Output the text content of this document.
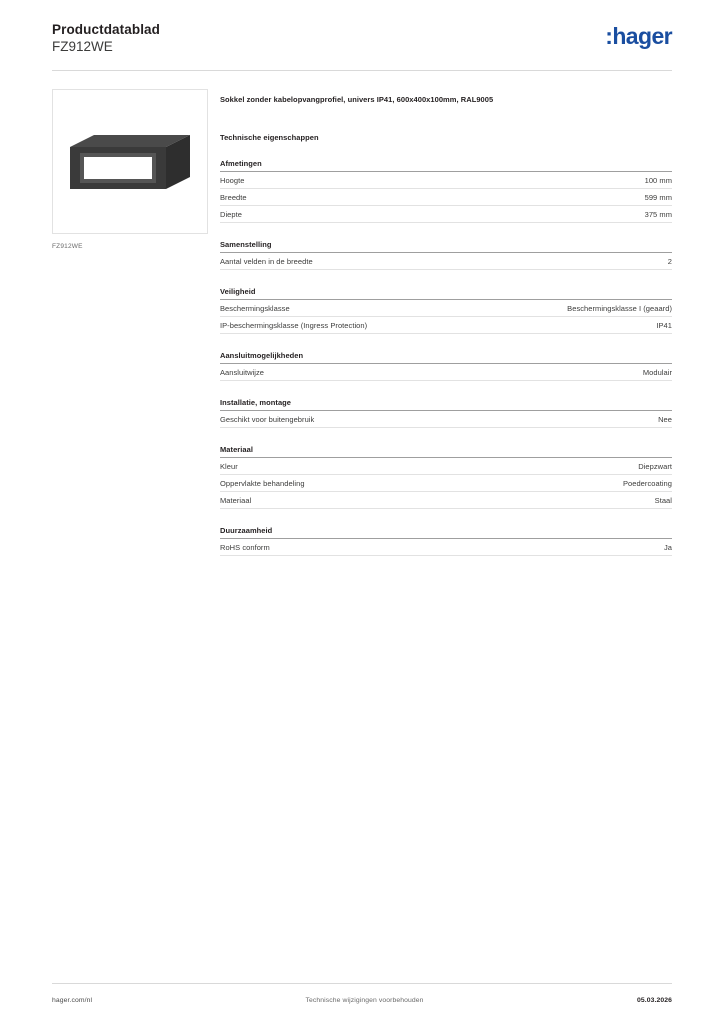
Productdatablad
FZ912WE	:hager
FZ912WE
Sokkel zonder kabelopvangprofiel, univers IP41, 600x400x100mm, RAL9005
Technische eigenschappen
Afmetingen
Hoogte	100 mm
Breedte	599 mm
Diepte	375 mm
Samenstelling
Aantal velden in de breedte	2
Veiligheid
Beschermingsklasse	Beschermingsklasse I (geaard)
IP-beschermingsklasse (Ingress Protection)	IP41
Aansluitmogelijkheden
Aansluitwijze	Modulair
Installatie, montage
Geschikt voor buitengebruik	Nee
Materiaal
Kleur	Diepzwart
Oppervlakte behandeling	Poedercoating
Materiaal	Staal
Duurzaamheid
RoHS conform	Ja
hager.com/nl	Technische wijzigingen voorbehouden	05.03.2026
